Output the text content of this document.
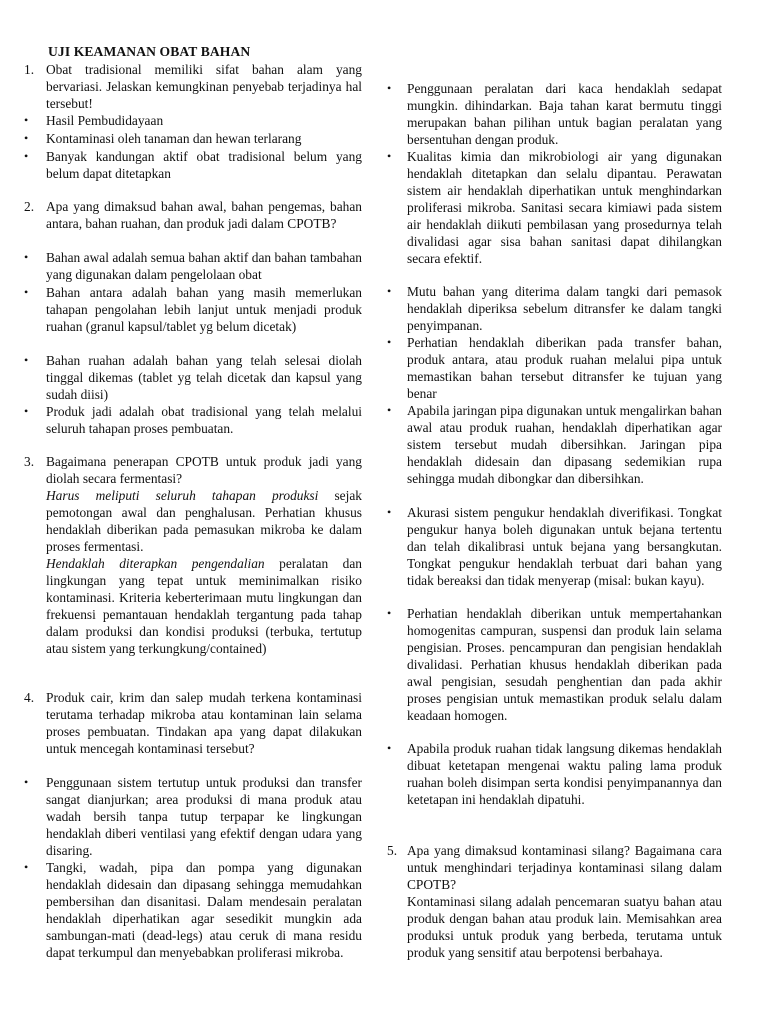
UJI KEAMANAN OBAT BAHAN
1. Obat tradisional memiliki sifat bahan alam yang bervariasi. Jelaskan kemungkinan penyebab terjadinya hal tersebut!
• Hasil Pembudidayaan
• Kontaminasi oleh tanaman dan hewan terlarang
• Banyak kandungan aktif obat tradisional belum yang belum dapat ditetapkan
2. Apa yang dimaksud bahan awal, bahan pengemas, bahan antara, bahan ruahan, dan produk jadi dalam CPOTB?
• Bahan awal adalah semua bahan aktif dan bahan tambahan yang digunakan dalam pengelolaan obat
• Bahan antara adalah bahan yang masih memerlukan tahapan pengolahan lebih lanjut untuk menjadi produk ruahan (granul kapsul/tablet yg belum dicetak)
• Bahan ruahan adalah bahan yang telah selesai diolah tinggal dikemas (tablet yg telah dicetak dan kapsul yang sudah diisi)
• Produk jadi adalah obat tradisional yang telah melalui seluruh tahapan proses pembuatan.
3. Bagaimana penerapan CPOTB untuk produk jadi yang diolah secara fermentasi?
Harus meliputi seluruh tahapan produksi sejak pemotongan awal dan penghalusan. Perhatian khusus hendaklah diberikan pada pemasukan mikroba ke dalam proses fermentasi.
Hendaklah diterapkan pengendalian peralatan dan lingkungan yang tepat untuk meminimalkan risiko kontaminasi. Kriteria keberterimaan mutu lingkungan dan frekuensi pemantauan hendaklah tergantung pada tahap dalam produksi dan kondisi produksi (terbuka, tertutup atau sistem yang terkungkung/contained)
4. Produk cair, krim dan salep mudah terkena kontaminasi terutama terhadap mikroba atau kontaminan lain selama proses pembuatan. Tindakan apa yang dapat dilakukan untuk mencegah kontaminasi tersebut?
• Penggunaan sistem tertutup untuk produksi dan transfer sangat dianjurkan; area produksi di mana produk atau wadah bersih tanpa tutup terpapar ke lingkungan hendaklah diberi ventilasi yang efektif dengan udara yang disaring.
• Tangki, wadah, pipa dan pompa yang digunakan hendaklah didesain dan dipasang sehingga memudahkan pembersihan dan disanitasi. Dalam mendesain peralatan hendaklah diperhatikan agar sesedikit mungkin ada sambungan-mati (dead-legs) atau ceruk di mana residu dapat terkumpul dan menyebabkan proliferasi mikroba.
• Penggunaan peralatan dari kaca hendaklah sedapat mungkin. dihindarkan. Baja tahan karat bermutu tinggi merupakan bahan pilihan untuk bagian peralatan yang bersentuhan dengan produk.
• Kualitas kimia dan mikrobiologi air yang digunakan hendaklah ditetapkan dan selalu dipantau. Perawatan sistem air hendaklah diperhatikan untuk menghindarkan proliferasi mikroba. Sanitasi secara kimiawi pada sistem air hendaklah diikuti pembilasan yang prosedurnya telah divalidasi agar sisa bahan sanitasi dapat dihilangkan secara efektif.
• Mutu bahan yang diterima dalam tangki dari pemasok hendaklah diperiksa sebelum ditransfer ke dalam tangki penyimpanan.
• Perhatian hendaklah diberikan pada transfer bahan, produk antara, atau produk ruahan melalui pipa untuk memastikan bahan tersebut ditransfer ke tujuan yang benar
• Apabila jaringan pipa digunakan untuk mengalirkan bahan awal atau produk ruahan, hendaklah diperhatikan agar sistem tersebut mudah dibersihkan. Jaringan pipa hendaklah didesain dan dipasang sedemikian rupa sehingga mudah dibongkar dan dibersihkan.
• Akurasi sistem pengukur hendaklah diverifikasi. Tongkat pengukur hanya boleh digunakan untuk bejana tertentu dan telah dikalibrasi untuk bejana yang bersangkutan. Tongkat pengukur hendaklah terbuat dari bahan yang tidak bereaksi dan tidak menyerap (misal: bukan kayu).
• Perhatian hendaklah diberikan untuk mempertahankan homogenitas campuran, suspensi dan produk lain selama pengisian. Proses. pencampuran dan pengisian hendaklah divalidasi. Perhatian khusus hendaklah diberikan pada awal pengisian, sesudah penghentian dan pada akhir proses pengisian untuk memastikan produk selalu dalam keadaan homogen.
• Apabila produk ruahan tidak langsung dikemas hendaklah dibuat ketetapan mengenai waktu paling lama produk ruahan boleh disimpan serta kondisi penyimpanannya dan ketetapan ini hendaklah dipatuhi.
5. Apa yang dimaksud kontaminasi silang? Bagaimana cara untuk menghindari terjadinya kontaminasi silang dalam CPOTB?
Kontaminasi silang adalah pencemaran suatyu bahan atau produk dengan bahan atau produk lain. Memisahkan area produksi untuk produk yang berbeda, terutama untuk produk yang sensitif atau berpotensi berbahaya.
